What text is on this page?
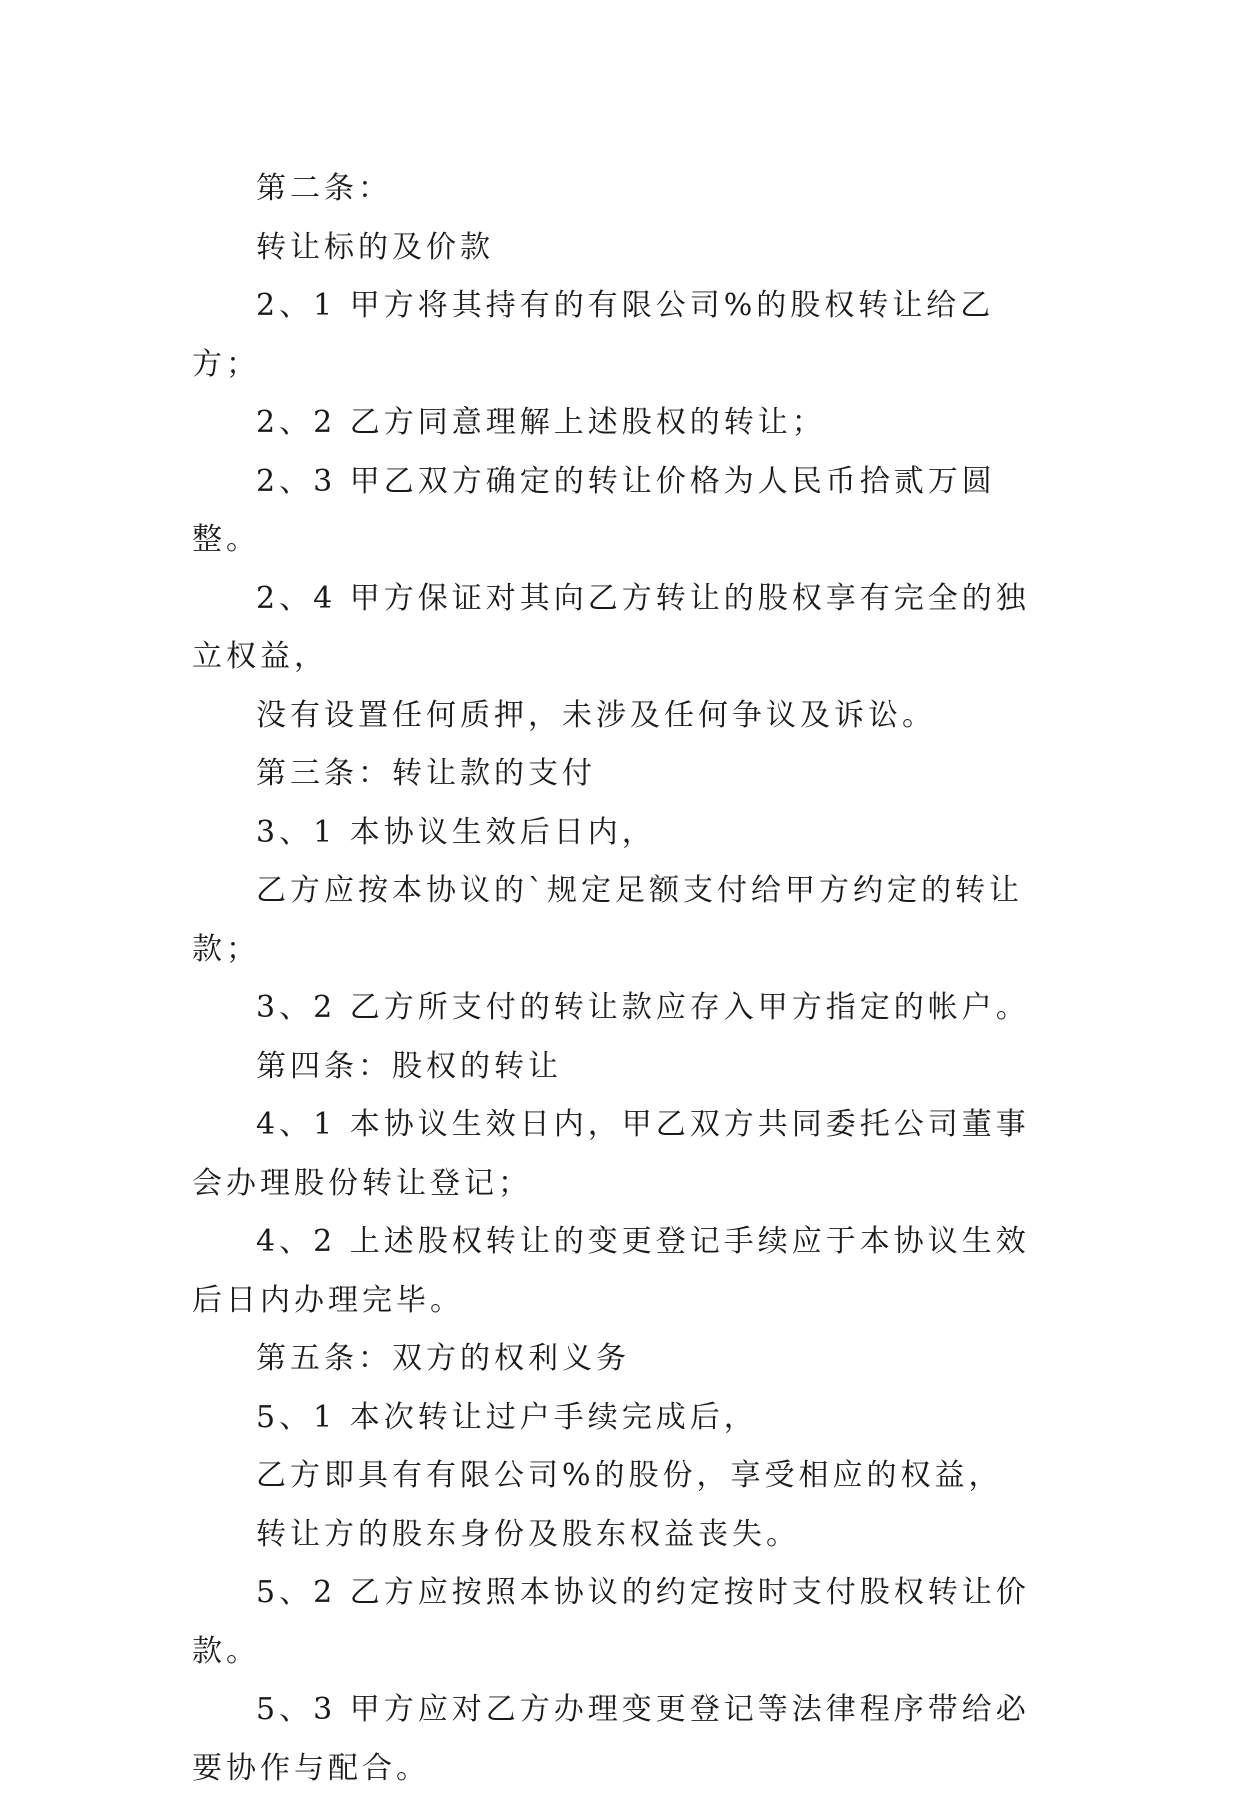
第二条：

转让标的及价款

2、1 甲方将其持有的有限公司%的股权转让给乙方；

2、2 乙方同意理解上述股权的转让；

2、3 甲乙双方确定的转让价格为人民币拾贰万圆整。

2、4 甲方保证对其向乙方转让的股权享有完全的独立权益，

没有设置任何质押，未涉及任何争议及诉讼。

第三条：转让款的支付

3、1 本协议生效后日内，

乙方应按本协议的`规定足额支付给甲方约定的转让款；

3、2 乙方所支付的转让款应存入甲方指定的帐户。

第四条：股权的转让

4、1 本协议生效日内，甲乙双方共同委托公司董事会办理股份转让登记；

4、2 上述股权转让的变更登记手续应于本协议生效后日内办理完毕。

第五条：双方的权利义务

5、1 本次转让过户手续完成后，

乙方即具有有限公司%的股份，享受相应的权益，

转让方的股东身份及股东权益丧失。

5、2 乙方应按照本协议的约定按时支付股权转让价款。

5、3 甲方应对乙方办理变更登记等法律程序带给必要协作与配合。
